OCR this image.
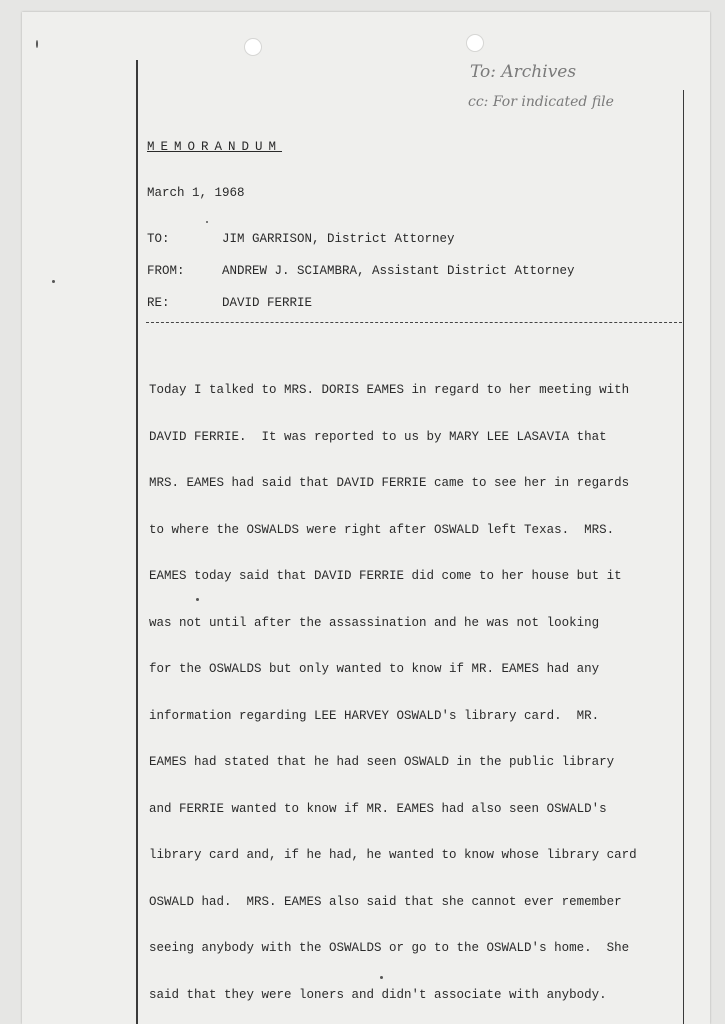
To: Archives
cc: For indicated file
MEMORANDUM
March 1, 1968
TO:	JIM GARRISON, District Attorney
FROM:	ANDREW J. SCIAMBRA, Assistant District Attorney
RE:	DAVID FERRIE

Today I talked to MRS. DORIS EAMES in regard to her meeting with

DAVID FERRIE.  It was reported to us by MARY LEE LASAVIA that

MRS. EAMES had said that DAVID FERRIE came to see her in regards

to where the OSWALDS were right after OSWALD left Texas.  MRS.

EAMES today said that DAVID FERRIE did come to her house but it

was not until after the assassination and he was not looking

for the OSWALDS but only wanted to know if MR. EAMES had any

information regarding LEE HARVEY OSWALD's library card.  MR.

EAMES had stated that he had seen OSWALD in the public library

and FERRIE wanted to know if MR. EAMES had also seen OSWALD's

library card and, if he had, he wanted to know whose library card

OSWALD had.  MRS. EAMES also said that she cannot ever remember

seeing anybody with the OSWALDS or go to the OSWALD's home.  She

said that they were loners and didn't associate with anybody.
